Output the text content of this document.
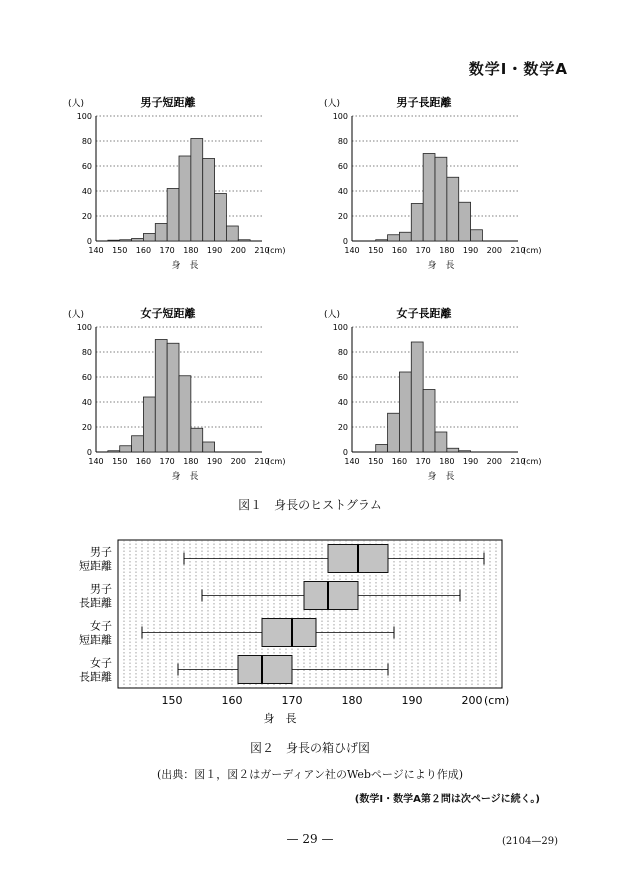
数学Ⅰ・数学A
男子短距離
(人)
0
20
40
60
80
100
140 150 160 170 180 190 200 210
(cm)
身　長
男子長距離
(人)
0
20
40
60
80
100
140 150 160 170 180 190 200 210
(cm)
身　長
女子短距離
(人)
0
20
40
60
80
100
140 150 160 170 180 190 200 210
(cm)
身　長
女子長距離
(人)
0
20
40
60
80
100
140 150 160 170 180 190 200 210
(cm)
身　長
図１　身長のヒストグラム
150	160	170	180	190	200 (cm)
身　長
男子
短距離
男子
長距離
女子
短距離
女子
長距離
図２　身長の箱ひげ図
(出典：図１，図２はガーディアン社のWebページにより作成)
(数学Ⅰ・数学A第２問は次ページに続く。)
— 29 —	(2104—29)
